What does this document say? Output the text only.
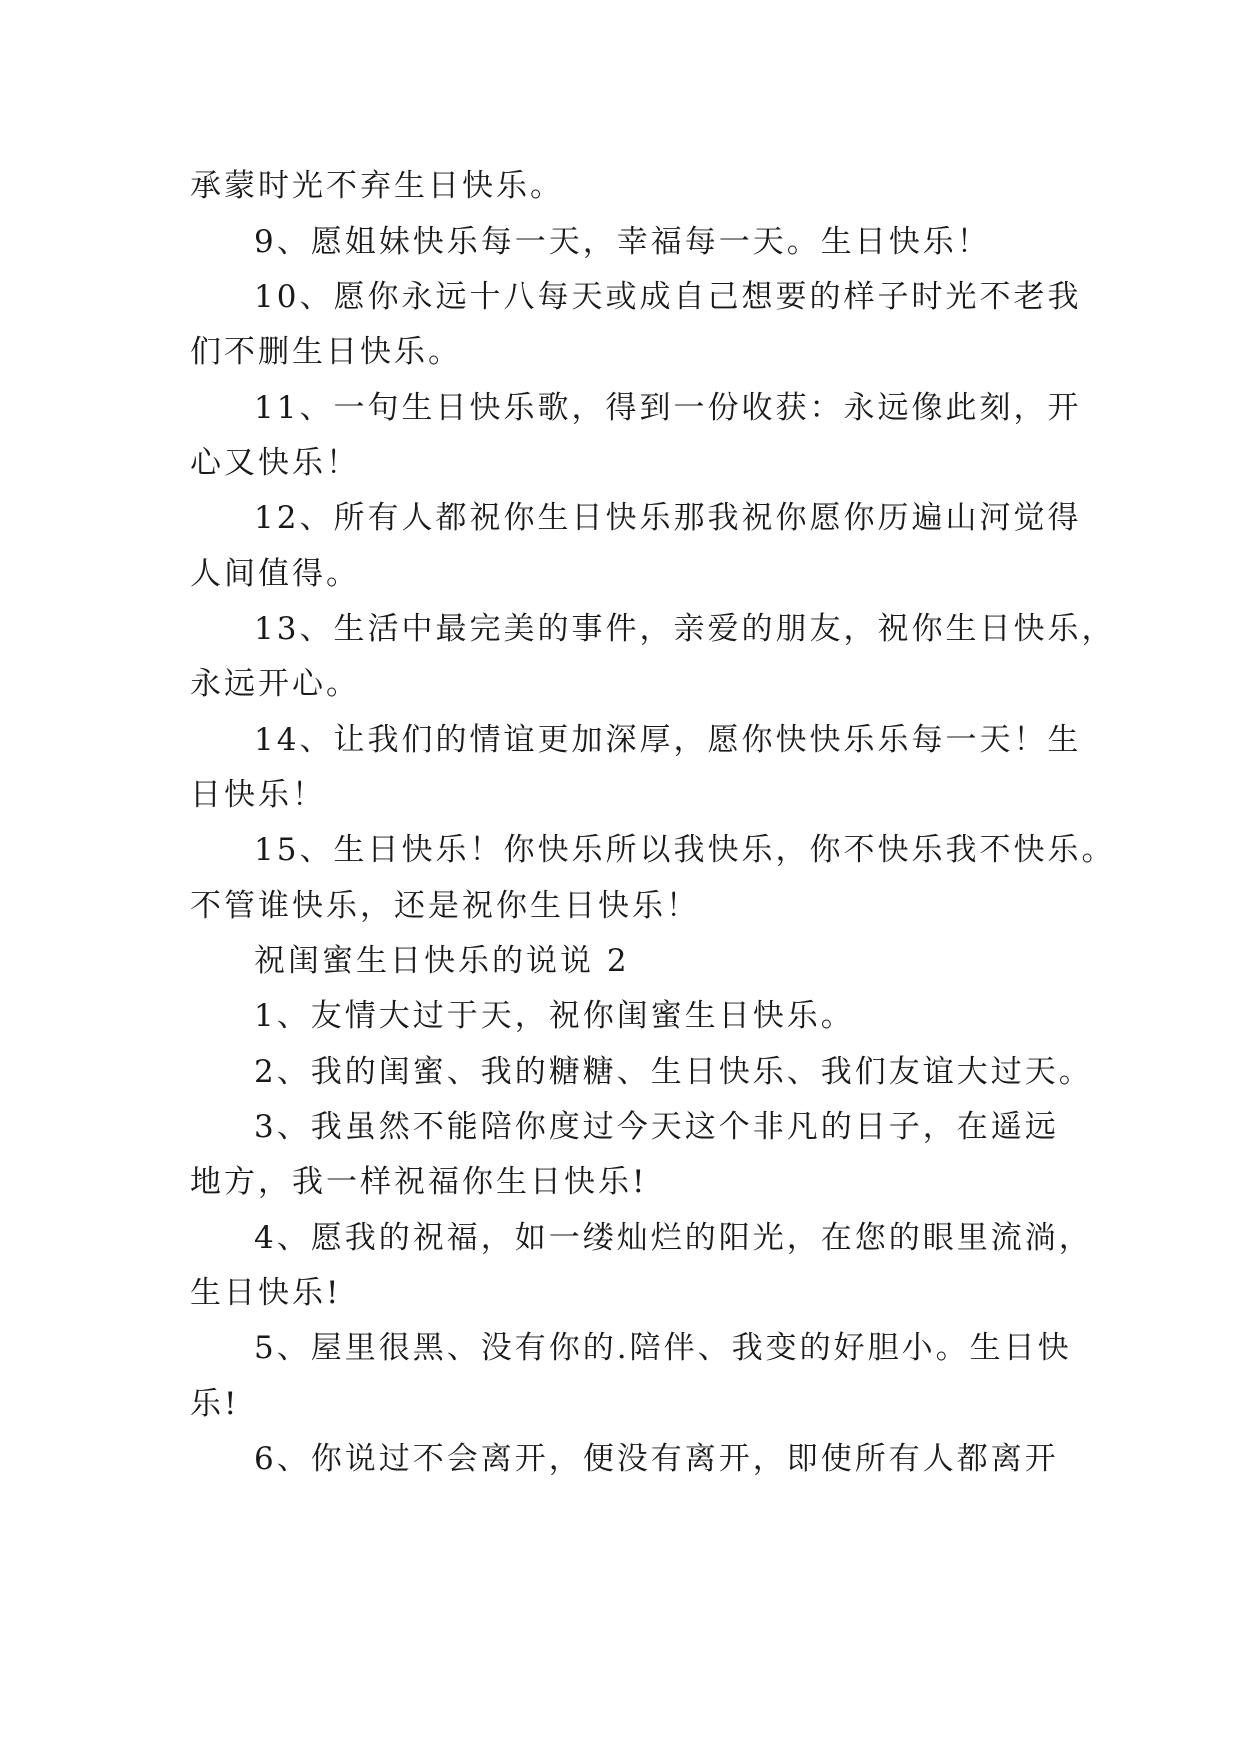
承蒙时光不弃生日快乐。
9、愿姐妹快乐每一天，幸福每一天。生日快乐！
10、愿你永远十八每天或成自己想要的样子时光不老我
们不删生日快乐。
11、一句生日快乐歌，得到一份收获：永远像此刻，开
心又快乐！
12、所有人都祝你生日快乐那我祝你愿你历遍山河觉得
人间值得。
13、生活中最完美的事件，亲爱的朋友，祝你生日快乐，
永远开心。
14、让我们的情谊更加深厚，愿你快快乐乐每一天！生
日快乐！
15、生日快乐！你快乐所以我快乐，你不快乐我不快乐。
不管谁快乐，还是祝你生日快乐！
祝闺蜜生日快乐的说说 2
1、友情大过于天，祝你闺蜜生日快乐。
2、我的闺蜜、我的糖糖、生日快乐、我们友谊大过天。
3、我虽然不能陪你度过今天这个非凡的日子，在遥远
地方，我一样祝福你生日快乐!
4、愿我的祝福，如一缕灿烂的阳光，在您的眼里流淌，
生日快乐!
5、屋里很黑、没有你的.陪伴、我变的好胆小。生日快
乐!
6、你说过不会离开，便没有离开，即使所有人都离开
